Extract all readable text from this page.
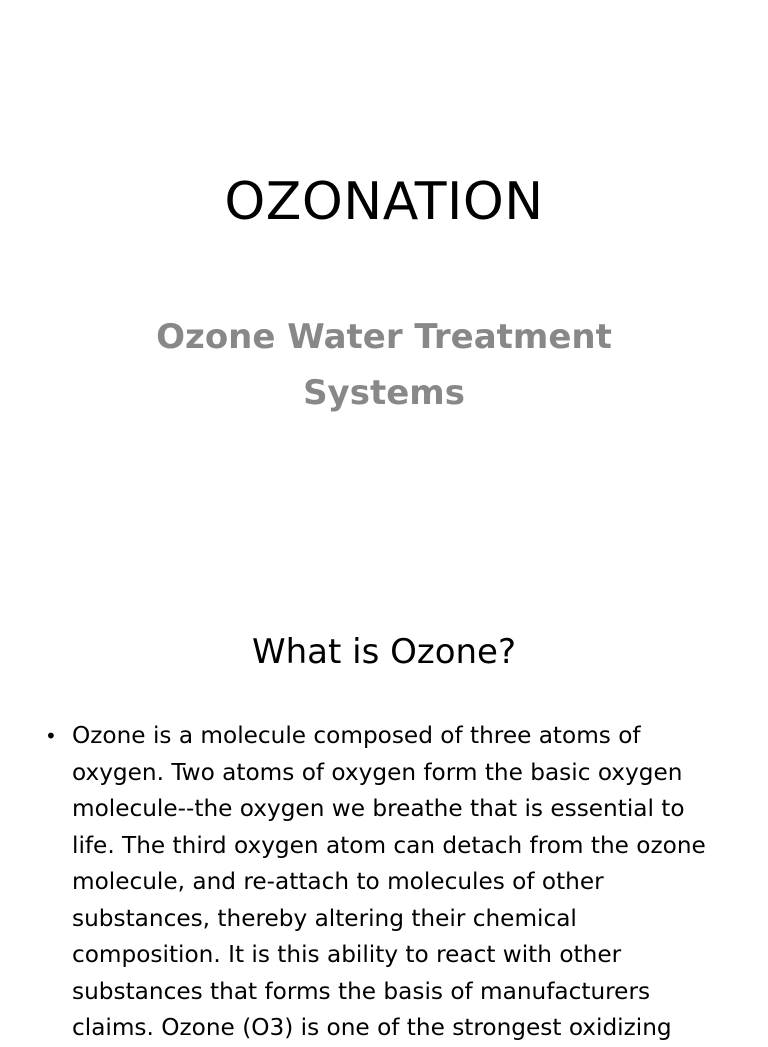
OZONATION
Ozone Water Treatment Systems
What is Ozone?
• Ozone is a molecule composed of three atoms of oxygen. Two atoms of oxygen form the basic oxygen molecule--the oxygen we breathe that is essential to life. The third oxygen atom can detach from the ozone molecule, and re-attach to molecules of other substances, thereby altering their chemical composition. It is this ability to react with other substances that forms the basis of manufacturers claims. Ozone (O3) is one of the strongest oxidizing
